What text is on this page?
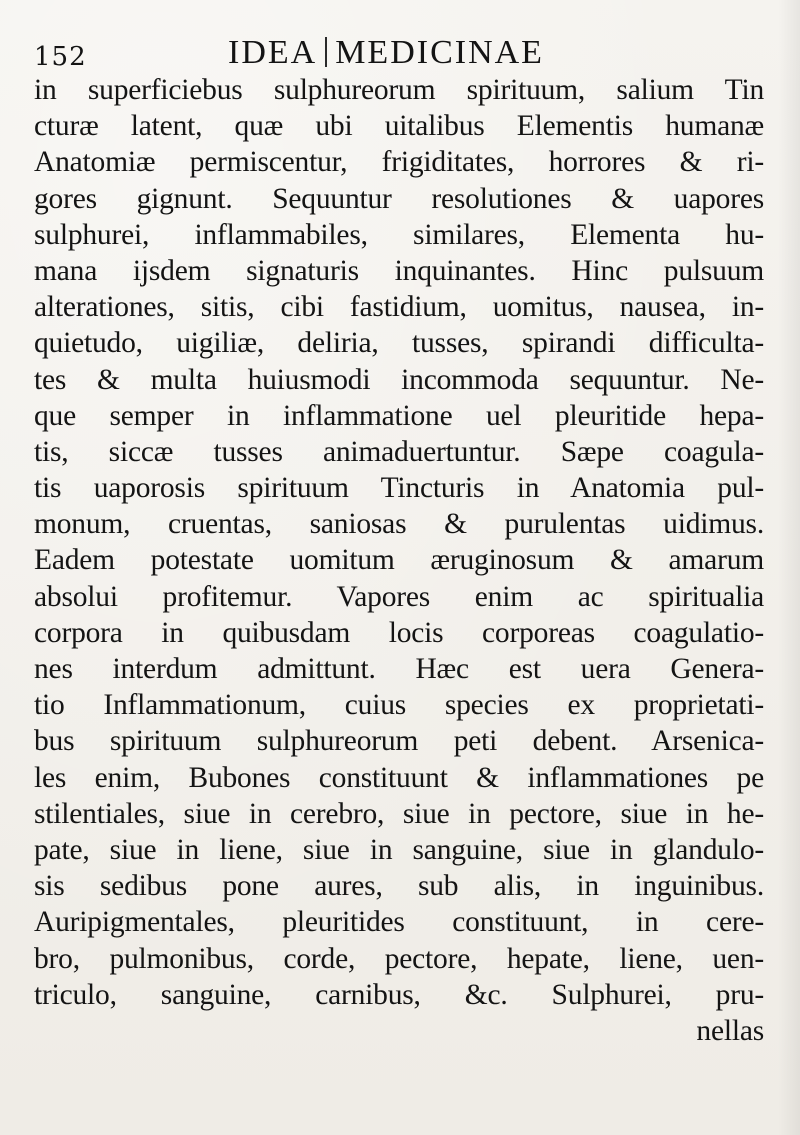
152	IDEA MEDICINAE
in superficiebus sulphureorum spirituum, salium Tin
cturæ latent, quæ ubi uitalibus Elementis humanæ
Anatomiæ permiscentur, frigiditates, horrores & ri-
gores gignunt. Sequuntur resolutiones & uapores
sulphurei, inflammabiles, similares, Elementa hu-
mana ijsdem signaturis inquinantes. Hinc pulsuum
alterationes, sitis, cibi fastidium, uomitus, nausea, in-
quietudo, uigiliæ, deliria, tusses, spirandi difficulta-
tes & multa huiusmodi incommoda sequuntur. Ne-
que semper in inflammatione uel pleuritide hepa-
tis, siccæ tusses animaduertuntur. Sæpe coagula-
tis uaporosis spirituum Tincturis in Anatomia pul-
monum, cruentas, saniosas & purulentas uidimus.
Eadem potestate uomitum æruginosum & amarum
absolui profitemur. Vapores enim ac spiritualia
corpora in quibusdam locis corporeas coagulatio-
nes interdum admittunt. Hæc est uera Genera-
tio Inflammationum, cuius species ex proprietati-
bus spirituum sulphureorum peti debent. Arsenica-
les enim, Bubones constituunt & inflammationes pe
stilentiales, siue in cerebro, siue in pectore, siue in he-
pate, siue in liene, siue in sanguine, siue in glandulo-
sis sedibus pone aures, sub alis, in inguinibus.
Auripigmentales, pleuritides constituunt, in cere-
bro, pulmonibus, corde, pectore, hepate, liene, uen-
triculo, sanguine, carnibus, &c. Sulphurei, pru-
nellas
